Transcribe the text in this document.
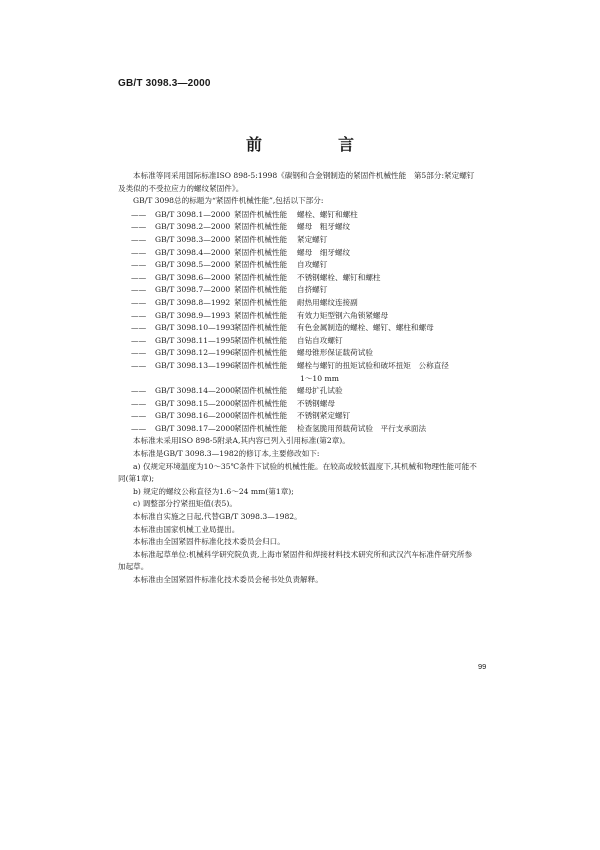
GB/T 3098.3—2000
前　言

本标准等同采用国际标准ISO 898-5:1998《碳钢和合金钢制造的紧固件机械性能　第5部分:紧定螺钉及类似的不受拉应力的螺纹紧固件》。

GB/T 3098总的标题为“紧固件机械性能”,包括以下部分:

—— GB/T 3098.1—2000 紧固件机械性能 螺栓、螺钉和螺柱
—— GB/T 3098.2—2000 紧固件机械性能 螺母　粗牙螺纹
—— GB/T 3098.3—2000 紧固件机械性能 紧定螺钉
—— GB/T 3098.4—2000 紧固件机械性能 螺母　细牙螺纹
—— GB/T 3098.5—2000 紧固件机械性能 自攻螺钉
—— GB/T 3098.6—2000 紧固件机械性能 不锈钢螺栓、螺钉和螺柱
—— GB/T 3098.7—2000 紧固件机械性能 自挤螺钉
—— GB/T 3098.8—1992 紧固件机械性能 耐热用螺纹连接副
—— GB/T 3098.9—1993 紧固件机械性能 有效力矩型钢六角锁紧螺母
—— GB/T 3098.10—1993紧固件机械性能 有色金属制造的螺栓、螺钉、螺柱和螺母
—— GB/T 3098.11—1995紧固件机械性能 自钻自攻螺钉
—— GB/T 3098.12—1996紧固件机械性能 螺母锥形保证载荷试验
—— GB/T 3098.13—1996紧固件机械性能 螺栓与螺钉的扭矩试验和破坏扭矩　公称直径
1～10 mm
—— GB/T 3098.14—2000紧固件机械性能 螺母扩孔试验
—— GB/T 3098.15—2000紧固件机械性能 不锈钢螺母
—— GB/T 3098.16—2000紧固件机械性能 不锈钢紧定螺钉
—— GB/T 3098.17—2000紧固件机械性能 检查氢脆用预载荷试验　平行支承面法

本标准未采用ISO 898-5附录A,其内容已列入引用标准(第2章)。

本标准是GB/T 3098.3—1982的修订本,主要修改如下:

a) 仅规定环境温度为10～35℃条件下试验的机械性能。在较高或较低温度下,其机械和物理性能可能不同(第1章);

b) 规定的螺纹公称直径为1.6～24 mm(第1章);

c) 调整部分拧紧扭矩值(表5)。

本标准自实施之日起,代替GB/T 3098.3—1982。

本标准由国家机械工业局提出。

本标准由全国紧固件标准化技术委员会归口。

本标准起草单位:机械科学研究院负责,上海市紧固件和焊接材料技术研究所和武汉汽车标准件研究所参加起草。

本标准由全国紧固件标准化技术委员会秘书处负责解释。

99
